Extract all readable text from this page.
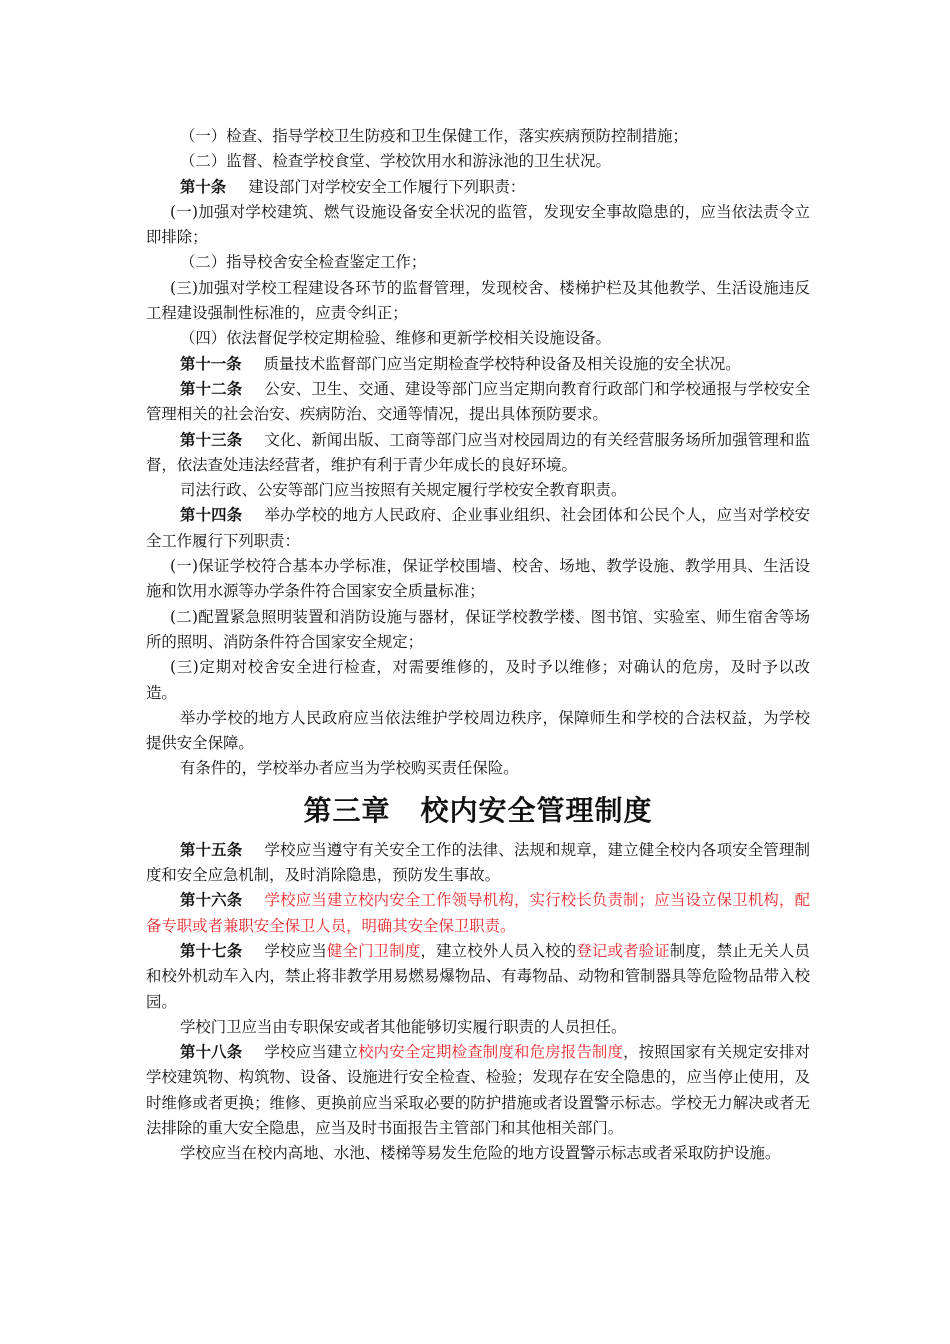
（一）检查、指导学校卫生防疫和卫生保健工作，落实疾病预防控制措施；

（二）监督、检查学校食堂、学校饮用水和游泳池的卫生状况。

第十条 建设部门对学校安全工作履行下列职责：

(一)加强对学校建筑、燃气设施设备安全状况的监管，发现安全事故隐患的，应当依法责令立即排除；

（二）指导校舍安全检查鉴定工作；

(三)加强对学校工程建设各环节的监督管理，发现校舍、楼梯护栏及其他教学、生活设施违反工程建设强制性标准的，应责令纠正；

（四）依法督促学校定期检验、维修和更新学校相关设施设备。

第十一条 质量技术监督部门应当定期检查学校特种设备及相关设施的安全状况。

第十二条 公安、卫生、交通、建设等部门应当定期向教育行政部门和学校通报与学校安全管理相关的社会治安、疾病防治、交通等情况，提出具体预防要求。

第十三条 文化、新闻出版、工商等部门应当对校园周边的有关经营服务场所加强管理和监督，依法查处违法经营者，维护有利于青少年成长的良好环境。

司法行政、公安等部门应当按照有关规定履行学校安全教育职责。

第十四条 举办学校的地方人民政府、企业事业组织、社会团体和公民个人，应当对学校安全工作履行下列职责：

(一)保证学校符合基本办学标准，保证学校围墙、校舍、场地、教学设施、教学用具、生活设施和饮用水源等办学条件符合国家安全质量标准；

(二)配置紧急照明装置和消防设施与器材，保证学校教学楼、图书馆、实验室、师生宿舍等场所的照明、消防条件符合国家安全规定；

(三)定期对校舍安全进行检查，对需要维修的，及时予以维修；对确认的危房，及时予以改造。

举办学校的地方人民政府应当依法维护学校周边秩序，保障师生和学校的合法权益，为学校提供安全保障。

有条件的，学校举办者应当为学校购买责任保险。

第三章 校内安全管理制度

第十五条 学校应当遵守有关安全工作的法律、法规和规章，建立健全校内各项安全管理制度和安全应急机制，及时消除隐患，预防发生事故。

第十六条 学校应当建立校内安全工作领导机构，实行校长负责制；应当设立保卫机构，配备专职或者兼职安全保卫人员，明确其安全保卫职责。

第十七条 学校应当健全门卫制度，建立校外人员入校的登记或者验证制度，禁止无关人员和校外机动车入内，禁止将非教学用易燃易爆物品、有毒物品、动物和管制器具等危险物品带入校园。

学校门卫应当由专职保安或者其他能够切实履行职责的人员担任。

第十八条 学校应当建立校内安全定期检查制度和危房报告制度，按照国家有关规定安排对学校建筑物、构筑物、设备、设施进行安全检查、检验；发现存在安全隐患的，应当停止使用，及时维修或者更换；维修、更换前应当采取必要的防护措施或者设置警示标志。学校无力解决或者无法排除的重大安全隐患，应当及时书面报告主管部门和其他相关部门。

学校应当在校内高地、水池、楼梯等易发生危险的地方设置警示标志或者采取防护设施。
